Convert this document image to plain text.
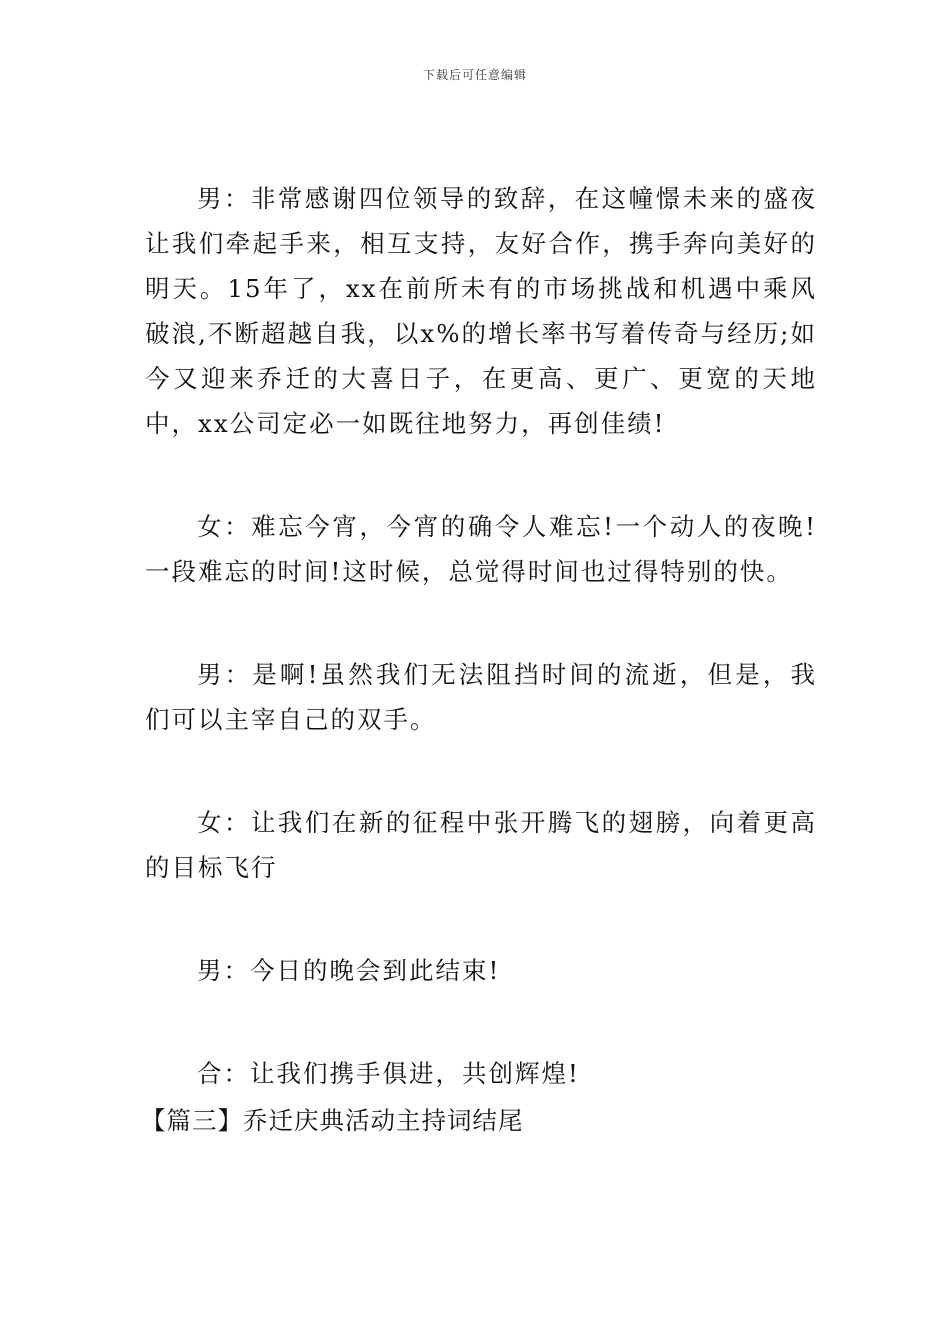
下载后可任意编辑

男：非常感谢四位领导的致辞，在这幢憬未来的盛夜让我们牵起手来，相互支持，友好合作，携手奔向美好的明天。15年了，xx在前所未有的市场挑战和机遇中乘风破浪,不断超越自我，以x%的增长率书写着传奇与经历;如今又迎来乔迁的大喜日子，在更高、更广、更宽的天地中，xx公司定必一如既往地努力，再创佳绩!

女：难忘今宵，今宵的确令人难忘!一个动人的夜晚!一段难忘的时间!这时候，总觉得时间也过得特别的快。

男：是啊!虽然我们无法阻挡时间的流逝，但是，我们可以主宰自己的双手。

女：让我们在新的征程中张开腾飞的翅膀，向着更高的目标飞行

男：今日的晚会到此结束!

合：让我们携手俱进，共创辉煌!

【篇三】乔迁庆典活动主持词结尾
